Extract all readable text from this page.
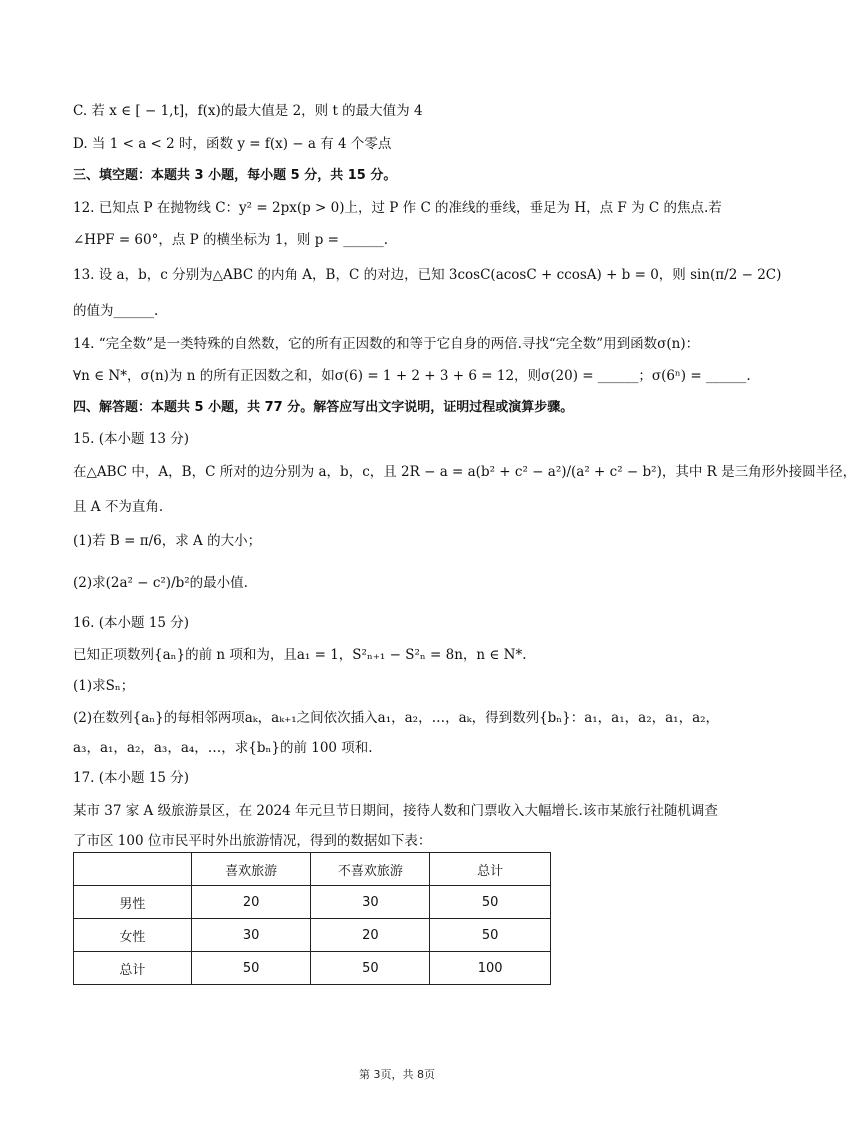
C. 若 x ∈ [ − 1,t]，f(x)的最大值是 2，则 t 的最大值为 4
D. 当 1 < a < 2 时，函数 y = f(x) − a 有 4 个零点
三、填空题：本题共 3 小题，每小题 5 分，共 15 分。
12. 已知点 P 在抛物线 C：y² = 2px(p > 0)上，过 P 作 C 的准线的垂线，垂足为 H，点 F 为 C 的焦点.若
∠HPF = 60°，点 P 的横坐标为 1，则 p = ______.
13. 设 a，b，c 分别为△ABC 的内角 A，B，C 的对边，已知 3cosC(acosC + ccosA) + b = 0，则 sin(π/2 − 2C)
的值为______.
14. “完全数”是一类特殊的自然数，它的所有正因数的和等于它自身的两倍.寻找“完全数”用到函数σ(n)：
∀n ∈ N*，σ(n)为 n 的所有正因数之和，如σ(6) = 1 + 2 + 3 + 6 = 12，则σ(20) = ______；σ(6ⁿ) = ______.
四、解答题：本题共 5 小题，共 77 分。解答应写出文字说明，证明过程或演算步骤。
15. (本小题 13 分)
在△ABC 中，A，B，C 所对的边分别为 a，b，c，且 2R − a = a(b² + c² − a²)/(a² + c² − b²)，其中 R 是三角形外接圆半径，
且 A 不为直角.
(1)若 B = π/6，求 A 的大小；
(2)求(2a² − c²)/b²的最小值.
16. (本小题 15 分)
已知正项数列{aₙ}的前 n 项和为，且a₁ = 1，S²ₙ₊₁ − S²ₙ = 8n，n ∈ N*.
(1)求Sₙ；
(2)在数列{aₙ}的每相邻两项aₖ，aₖ₊₁之间依次插入a₁，a₂，…，aₖ，得到数列{bₙ}：a₁，a₁，a₂，a₁，a₂，
a₃，a₁，a₂，a₃，a₄，…，求{bₙ}的前 100 项和.
17. (本小题 15 分)
某市 37 家 A 级旅游景区，在 2024 年元旦节日期间，接待人数和门票收入大幅增长.该市某旅行社随机调查
了市区 100 位市民平时外出旅游情况，得到的数据如下表：
	喜欢旅游	不喜欢旅游	总计
男性	20	30	50
女性	30	20	50
总计	50	50	100
第 3页，共 8页
